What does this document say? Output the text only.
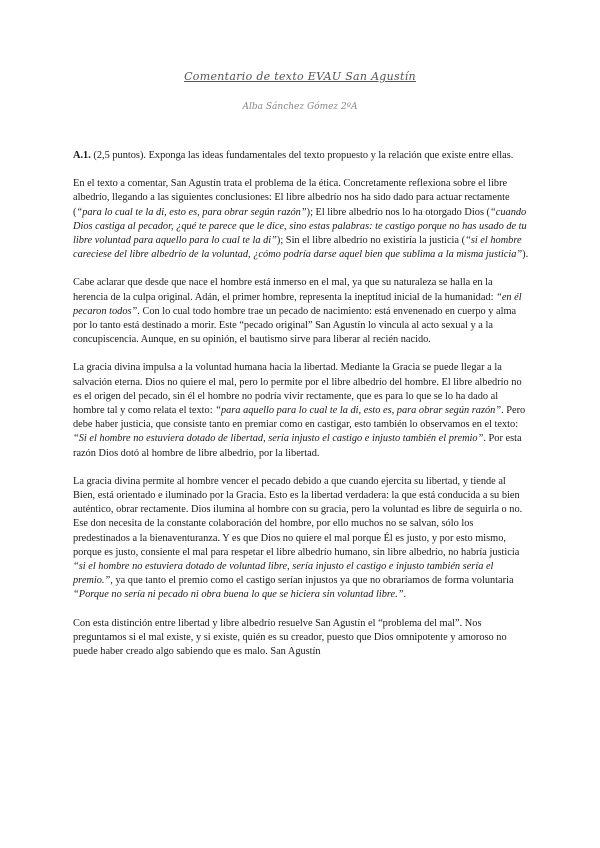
Comentario de texto EVAU San Agustín
Alba Sánchez Gómez 2ºA

A.1. (2,5 puntos). Exponga las ideas fundamentales del texto propuesto y la relación que existe entre ellas.

En el texto a comentar, San Agustín trata el problema de la ética. Concretamente reflexiona sobre el libre albedrío, llegando a las siguientes conclusiones: El libre albedrío nos ha sido dado para actuar rectamente (“para lo cual te la di, esto es, para obrar según razón”); El libre albedrío nos lo ha otorgado Dios (“cuando Dios castiga al pecador, ¿qué te parece que le dice, sino estas palabras: te castigo porque no has usado de tu libre voluntad para aquello para lo cual te la di”); Sin el libre albedrío no existiría la justicia (“si el hombre careciese del libre albedrío de la voluntad, ¿cómo podría darse aquel bien que sublima a la misma justicia”).

Cabe aclarar que desde que nace el hombre está inmerso en el mal, ya que su naturaleza se halla en la herencia de la culpa original. Adán, el primer hombre, representa la ineptitud inicial de la humanidad: “en él pecaron todos”. Con lo cual todo hombre trae un pecado de nacimiento: está envenenado en cuerpo y alma por lo tanto está destinado a morir. Este “pecado original” San Agustín lo vincula al acto sexual y a la concupiscencia. Aunque, en su opinión, el bautismo sirve para liberar al recién nacido.

La gracia divina impulsa a la voluntad humana hacia la libertad. Mediante la Gracia se puede llegar a la salvación eterna. Dios no quiere el mal, pero lo permite por el libre albedrío del hombre. El libre albedrío no es el origen del pecado, sin él el hombre no podría vivir rectamente, que es para lo que se lo ha dado al hombre tal y como relata el texto: “para aquello para lo cual te la di, esto es, para obrar según razón”. Pero debe haber justicia, que consiste tanto en premiar como en castigar, esto también lo observamos en el texto: “Si el hombre no estuviera dotado de libertad, sería injusto el castigo e injusto también el premio”. Por esta razón Dios dotó al hombre de libre albedrío, por la libertad.

La gracia divina permite al hombre vencer el pecado debido a que cuando ejercita su libertad, y tiende al Bien, está orientado e iluminado por la Gracia. Esto es la libertad verdadera: la que está conducida a su bien auténtico, obrar rectamente. Dios ilumina al hombre con su gracia, pero la voluntad es libre de seguirla o no. Ese don necesita de la constante colaboración del hombre, por ello muchos no se salvan, sólo los predestinados a la bienaventuranza. Y es que Dios no quiere el mal porque Él es justo, y por esto mismo, porque es justo, consiente el mal para respetar el libre albedrío humano, sin libre albedrío, no habría justicia “si el hombre no estuviera dotado de voluntad libre, sería injusto el castigo e injusto también sería el premio.”, ya que tanto el premio como el castigo serían injustos ya que no obraríamos de forma voluntaria “Porque no sería ni pecado ni obra buena lo que se hiciera sin voluntad libre.”.

Con esta distinción entre libertad y libre albedrío resuelve San Agustín el “problema del mal”. Nos preguntamos si el mal existe, y si existe, quién es su creador, puesto que Dios omnipotente y amoroso no puede haber creado algo sabiendo que es malo. San Agustín
